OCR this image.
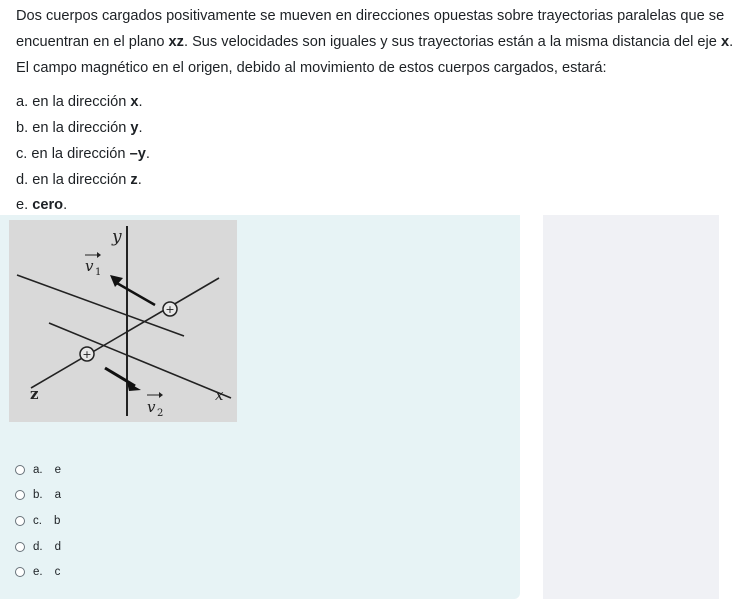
Dos cuerpos cargados positivamente se mueven en direcciones opuestas sobre trayectorias paralelas que se
encuentran en el plano xz. Sus velocidades son iguales y sus trayectorias están a la misma distancia del eje x.
El campo magnético en el origen, debido al movimiento de estos cuerpos cargados, estará:
a. en la dirección x.
b. en la dirección y.
c. en la dirección –y.
d. en la dirección z.
e. cero.
+
+
y
x
z
v 1
v 2
a. e
b. a
c. b
d. d
e. c
